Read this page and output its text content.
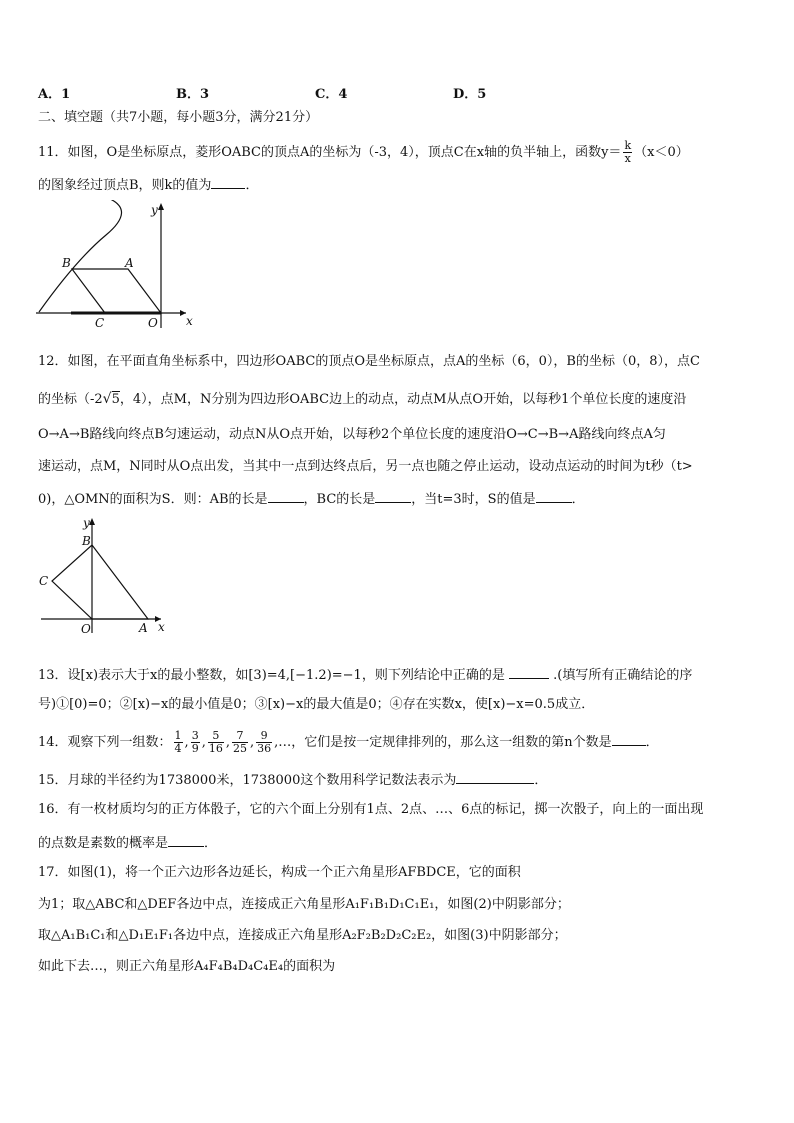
A．1	B．3	C．4	D．5
二、填空题（共7小题，每小题3分，满分21分）
11．如图，O是坐标原点，菱形OABC的顶点A的坐标为（-3，4），顶点C在x轴的负半轴上，函数$y= \frac{k}{x} (x<0)$
的图象经过顶点B，则k的值为	．
y
x
B	A
C	O
12．如图，在平面直角坐标系中，四边形OABC的顶点O是坐标原点，点A的坐标（6，0），B的坐标（0，8），点C
的坐标（-2√5，4），点M，N分别为四边形OABC边上的动点，动点M从点O开始，以每秒1个单位长度的速度沿
O→A→B路线向终点B匀速运动，动点N从O点开始，以每秒2个单位长度的速度沿O→C→B→A路线向终点A匀
速运动，点M，N同时从O点出发，当其中一点到达终点后，另一点也随之停止运动，设动点运动的时间为t秒（t>
0)，△OMN的面积为S．则：AB的长是	，BC的长是	，当t=3时，S的值是	．
y
x
B
C
O	A
13．设[x)表示大于x的最小整数，如[3)=4,[−1.2)=−1，则下列结论中正确的是	.(填写所有正确结论的序
号)①[0)=0；②[x)−x的最小值是0；③[x)−x的最大值是0；④存在实数x，使[x)−x=0.5成立．
14．观察下列一组数： $\frac{1}{4}$ , $\frac{3}{9}$ , $\frac{5}{16}$ , $\frac{7}{25}$ , $\frac{9}{36}$ ,…，它们是按一定规律排列的，那么这一组数的第n个数是	．
15．月球的半径约为1738000米，1738000这个数用科学记数法表示为	．
16．有一枚材质均匀的正方体骰子，它的六个面上分别有1点、2点、…、6点的标记，掷一次骰子，向上的一面出现
的点数是素数的概率是	．
17．如图(1)，将一个正六边形各边延长，构成一个正六角星形AFBDCE，它的面积
为1；取△ABC和△DEF各边中点，连接成正六角星形A₁F₁B₁D₁C₁E₁，如图(2)中阴影部分；
取△A₁B₁C₁和△D₁E₁F₁各边中点，连接成正六角星形A₂F₂B₂D₂C₂E₂，如图(3)中阴影部分；
如此下去…，则正六角星形A₄F₄B₄D₄C₄E₄的面积为
